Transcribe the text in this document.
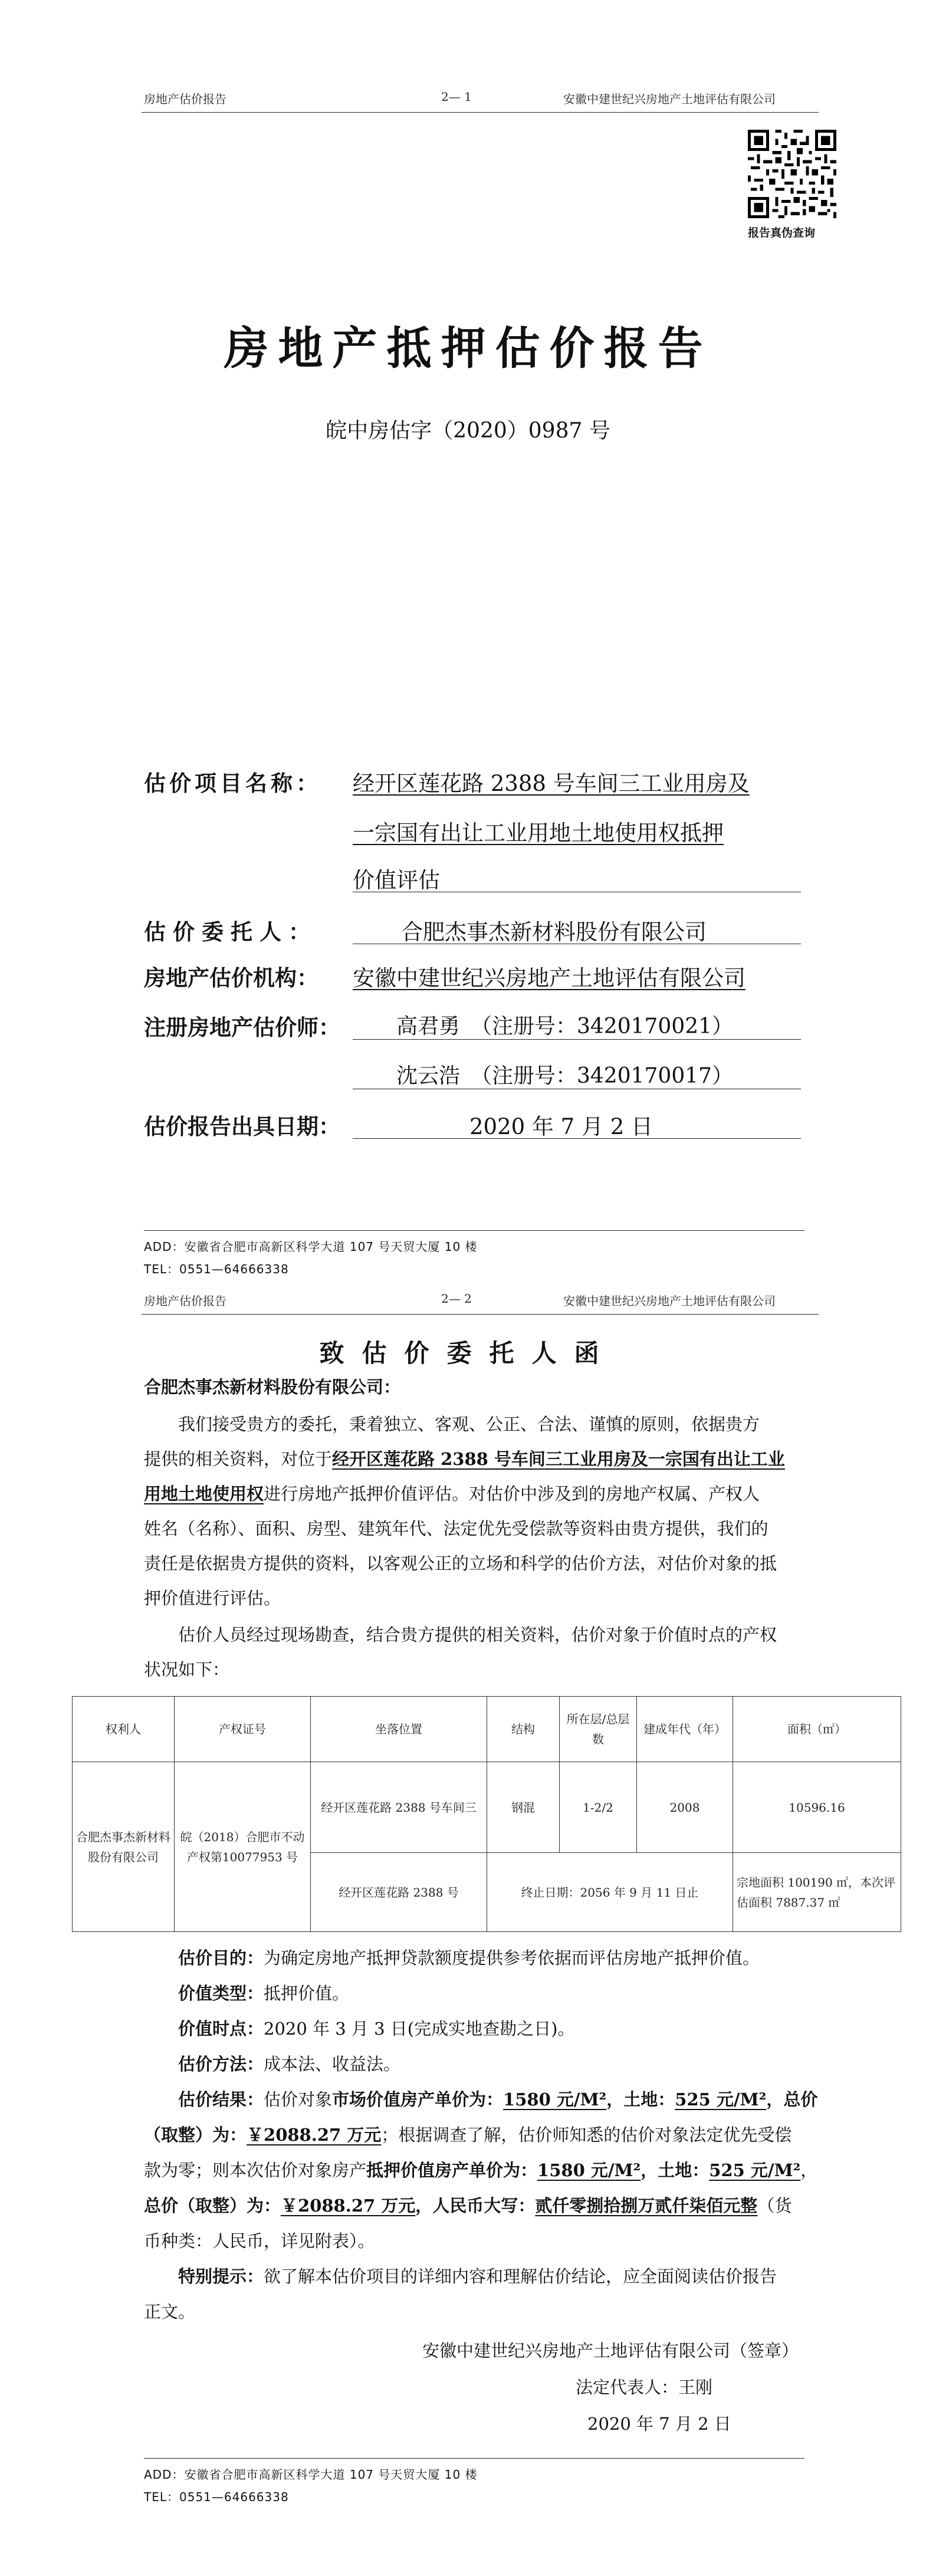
房地产估价报告	2— 1	安徽中建世纪兴房地产土地评估有限公司
报告真伪查询
房地产抵押估价报告
皖中房估字（2020）0987 号
估价项目名称： 经开区莲花路 2388 号车间三工业用房及
一宗国有出让工业用地土地使用权抵押
价值评估
估价委托人：	合肥杰事杰新材料股份有限公司
房地产估价机构： 安徽中建世纪兴房地产土地评估有限公司
注册房地产估价师：	高君勇　（注册号：3420170021）
沈云浩　（注册号：3420170017）
估价报告出具日期：	2020 年 7 月 2 日
ADD：安徽省合肥市高新区科学大道 107 号天贸大厦 10 楼
TEL：0551—64666338
房地产估价报告	2— 2	安徽中建世纪兴房地产土地评估有限公司
致估价委托人函
合肥杰事杰新材料股份有限公司：
我们接受贵方的委托，秉着独立、客观、公正、合法、谨慎的原则，依据贵方
提供的相关资料，对位于经开区莲花路 2388 号车间三工业用房及一宗国有出让工业
用地土地使用权进行房地产抵押价值评估。对估价中涉及到的房地产权属、产权人
姓名（名称）、面积、房型、建筑年代、法定优先受偿款等资料由贵方提供，我们的
责任是依据贵方提供的资料，以客观公正的立场和科学的估价方法，对估价对象的抵
押价值进行评估。
估价人员经过现场勘查，结合贵方提供的相关资料，估价对象于价值时点的产权
状况如下：
权利人	产权证号	坐落位置	结构	所在层/总层数	建成年代（年）	面积（㎡）
合肥杰事杰新材料股份有限公司	皖（2018）合肥市不动产权第10077953 号	经开区莲花路 2388 号车间三	钢混	1-2/2	2008	10596.16
		经开区莲花路 2388 号	终止日期：2056 年 9 月 11 日止			宗地面积 100190 ㎡，本次评估面积 7887.37 ㎡
估价目的：为确定房地产抵押贷款额度提供参考依据而评估房地产抵押价值。
价值类型：抵押价值。
价值时点：2020 年 3 月 3 日(完成实地查勘之日)。
估价方法：成本法、收益法。
估价结果：估价对象市场价值房产单价为：1580 元/M²，土地：525 元/M²，总价
（取整）为：￥2088.27 万元；根据调查了解，估价师知悉的估价对象法定优先受偿
款为零；则本次估价对象房产抵押价值房产单价为：1580 元/M²，土地：525 元/M²，
总价（取整）为：￥2088.27 万元，人民币大写：贰仟零捌拾捌万贰仟柒佰元整（货
币种类：人民币，详见附表）。
特别提示：欲了解本估价项目的详细内容和理解估价结论，应全面阅读估价报告
正文。
安徽中建世纪兴房地产土地评估有限公司（签章）
法定代表人：王刚
2020 年 7 月 2 日
ADD：安徽省合肥市高新区科学大道 107 号天贸大厦 10 楼
TEL：0551—64666338
